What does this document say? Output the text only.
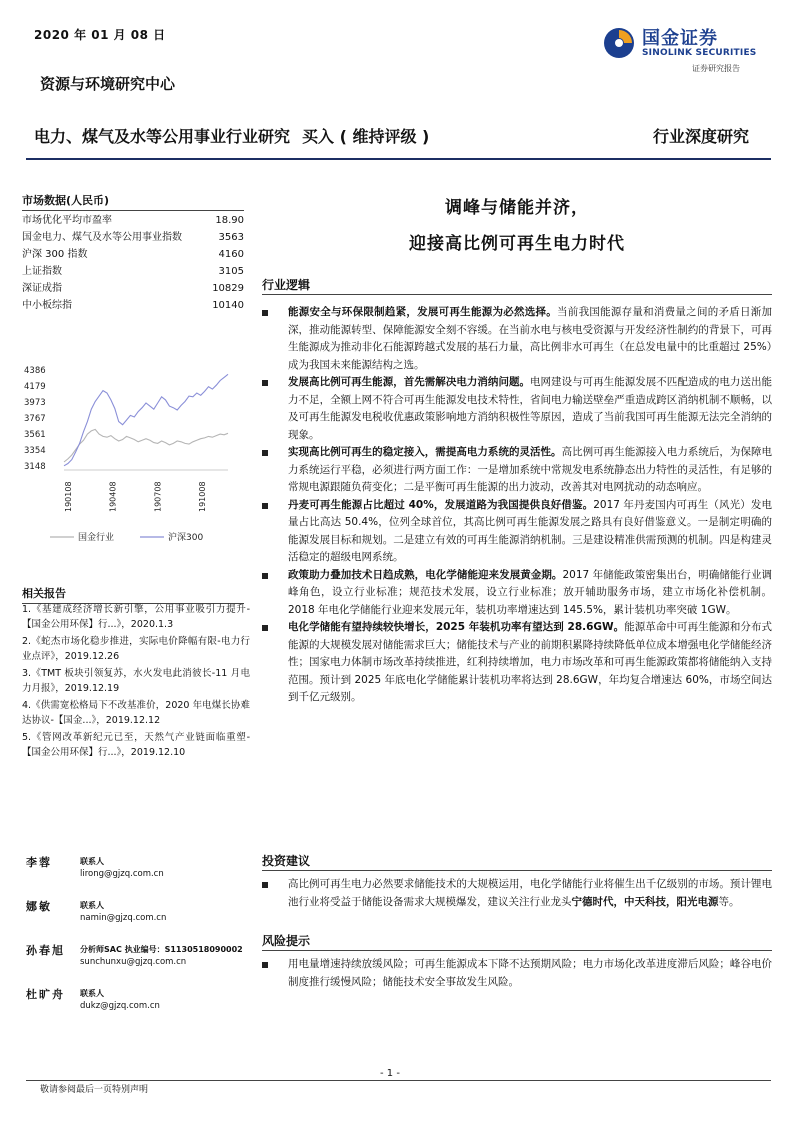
2020 年 01 月 08 日	国金证券
SINOLINK SECURITIES
证券研究报告
资源与环境研究中心
电力、煤气及水等公用事业行业研究 买入 ( 维持评级 )	行业深度研究
市场数据(人民币)
市场优化平均市盈率	18.90
国金电力、煤气及水等公用事业指数	3563
沪深 300 指数	4160
上证指数	3105
深证成指	10829
中小板综指	10140
4386
4179
3973
3767
3561
3354
3148
190108	190408	190708	191008
国金行业	沪深300
相关报告
1.《基建成经济增长新引擎，公用事业吸引力提升-【国金公用环保】行...》，2020.1.3
2.《蛇杰市场化稳步推进，实际电价降幅有限-电力行业点评》，2019.12.26
3.《TMT 板块引领复苏，水火发电此消彼长-11 月电力月报》，2019.12.19
4.《供需宽松格局下不改基准价，2020 年电煤长协难达协议-【国金...》，2019.12.12
5.《管网改革新纪元已至，天然气产业链面临重塑-【国金公用环保】行...》，2019.12.10
李蓉	联系人
lirong@gjzq.com.cn
娜敏	联系人
namin@gjzq.com.cn
孙春旭 分析师SAC 执业编号：S1130518090002
sunchunxu@gjzq.com.cn
杜旷舟 联系人
dukz@gjzq.com.cn
调峰与储能并济，
迎接高比例可再生电力时代
行业逻辑
能源安全与环保限制趋紧，发展可再生能源为必然选择。当前我国能源存量和消费量之间的矛盾日渐加深，推动能源转型、保障能源安全刻不容缓。在当前水电与核电受资源与开发经济性制约的背景下，可再生能源成为推动非化石能源跨越式发展的基石力量，高比例非水可再生（在总发电量中的比重超过 25%）成为我国未来能源结构之选。
发展高比例可再生能源，首先需解决电力消纳问题。电网建设与可再生能源发展不匹配造成的电力送出能力不足，全额上网不符合可再生能源发电技术特性，省间电力输送壁垒严重造成跨区消纳机制不顺畅，以及可再生能源发电税收优惠政策影响地方消纳积极性等原因，造成了当前我国可再生能源无法完全消纳的现象。
实现高比例可再生的稳定接入，需提高电力系统的灵活性。高比例可再生能源接入电力系统后，为保障电力系统运行平稳，必须进行两方面工作：一是增加系统中常规发电系统静态出力特性的灵活性，有足够的常规电源跟随负荷变化；二是平衡可再生能源的出力波动，改善其对电网扰动的动态响应。
丹麦可再生能源占比超过 40%，发展道路为我国提供良好借鉴。2017 年丹麦国内可再生（风光）发电量占比高达 50.4%，位列全球首位，其高比例可再生能源发展之路具有良好借鉴意义。一是制定明确的能源发展目标和规划。二是建立有效的可再生能源消纳机制。三是建设精准供需预测的机制。四是构建灵活稳定的超级电网系统。
政策助力叠加技术日趋成熟，电化学储能迎来发展黄金期。2017 年储能政策密集出台，明确储能行业调峰角色，设立行业标准；规范技术发展，设立行业标准；放开辅助服务市场，建立市场化补偿机制。2018 年电化学储能行业迎来发展元年，装机功率增速达到 145.5%，累计装机功率突破 1GW。
电化学储能有望持续较快增长，2025 年装机功率有望达到 28.6GW。能源革命中可再生能源和分布式能源的大规模发展对储能需求巨大；储能技术与产业的前期积累降持续降低单位成本增强电化学储能经济性；国家电力体制市场改革持续推进，红利持续增加，电力市场改革和可再生能源政策都将储能纳入支持范围。预计到 2025 年底电化学储能累计装机功率将达到 28.6GW，年均复合增速达 60%，市场空间达到千亿元级别。
投资建议
高比例可再生电力必然要求储能技术的大规模运用，电化学储能行业将催生出千亿级别的市场。预计锂电池行业将受益于储能设备需求大规模爆发，建议关注行业龙头宁德时代，中天科技，阳光电源等。
风险提示
用电量增速持续放缓风险；可再生能源成本下降不达预期风险；电力市场化改革进度滞后风险；峰谷电价制度推行缓慢风险；储能技术安全事故发生风险。
- 1 -
敬请参阅最后一页特别声明
